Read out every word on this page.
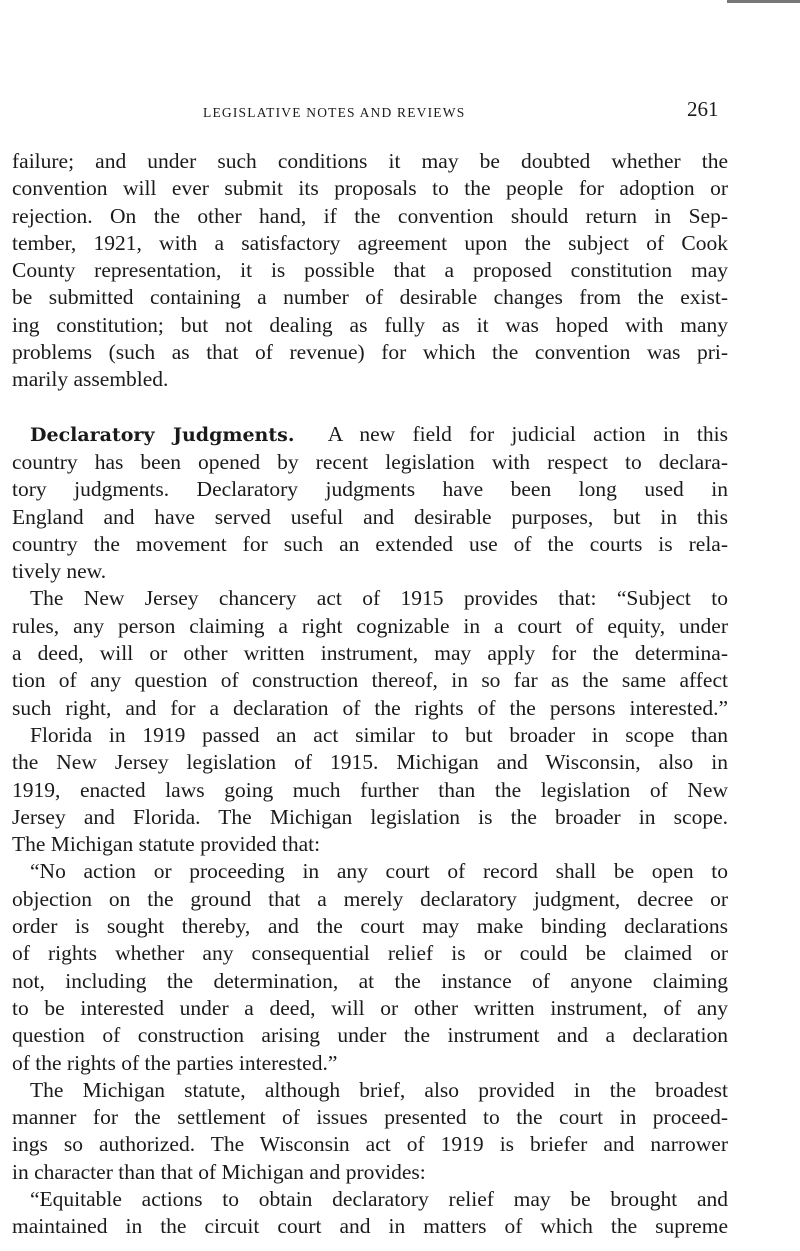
LEGISLATIVE NOTES AND REVIEWS	261

failure; and under such conditions it may be doubted whether the
convention will ever submit its proposals to the people for adoption or
rejection. On the other hand, if the convention should return in Sep-
tember, 1921, with a satisfactory agreement upon the subject of Cook
County representation, it is possible that a proposed constitution may
be submitted containing a number of desirable changes from the exist-
ing constitution; but not dealing as fully as it was hoped with many
problems (such as that of revenue) for which the convention was pri-
marily assembled.

Declaratory Judgments. A new field for judicial action in this
country has been opened by recent legislation with respect to declara-
tory judgments. Declaratory judgments have been long used in
England and have served useful and desirable purposes, but in this
country the movement for such an extended use of the courts is rela-
tively new.

The New Jersey chancery act of 1915 provides that: “Subject to
rules, any person claiming a right cognizable in a court of equity, under
a deed, will or other written instrument, may apply for the determina-
tion of any question of construction thereof, in so far as the same affect
such right, and for a declaration of the rights of the persons interested.”

Florida in 1919 passed an act similar to but broader in scope than
the New Jersey legislation of 1915. Michigan and Wisconsin, also in
1919, enacted laws going much further than the legislation of New
Jersey and Florida. The Michigan legislation is the broader in scope.
The Michigan statute provided that:

“No action or proceeding in any court of record shall be open to
objection on the ground that a merely declaratory judgment, decree or
order is sought thereby, and the court may make binding declarations
of rights whether any consequential relief is or could be claimed or
not, including the determination, at the instance of anyone claiming
to be interested under a deed, will or other written instrument, of any
question of construction arising under the instrument and a declaration
of the rights of the parties interested.”

The Michigan statute, although brief, also provided in the broadest
manner for the settlement of issues presented to the court in proceed-
ings so authorized. The Wisconsin act of 1919 is briefer and narrower
in character than that of Michigan and provides:

“Equitable actions to obtain declaratory relief may be brought and
maintained in the circuit court and in matters of which the supreme
